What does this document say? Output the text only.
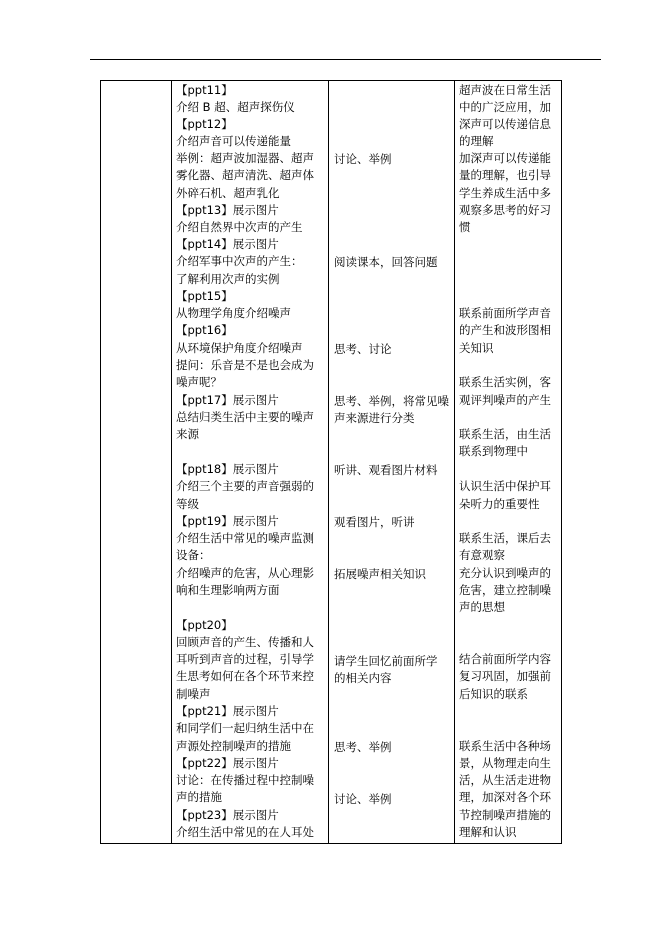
【ppt11】
介绍 B 超、超声探伤仪
【ppt12】
介绍声音可以传递能量
举例：超声波加湿器、超声
雾化器、超声清洗、超声体
外碎石机、超声乳化
【ppt13】展示图片
介绍自然界中次声的产生
【ppt14】展示图片
介绍军事中次声的产生：
了解利用次声的实例
【ppt15】
从物理学角度介绍噪声
【ppt16】
从环境保护角度介绍噪声
提问：乐音是不是也会成为
噪声呢？
【ppt17】展示图片
总结归类生活中主要的噪声
来源
【ppt18】展示图片
介绍三个主要的声音强弱的
等级
【ppt19】展示图片
介绍生活中常见的噪声监测
设备：
介绍噪声的危害，从心理影
响和生理影响两方面
【ppt20】
回顾声音的产生、传播和人
耳听到声音的过程，引导学
生思考如何在各个环节来控
制噪声
【ppt21】展示图片
和同学们一起归纳生活中在
声源处控制噪声的措施
【ppt22】展示图片
讨论：在传播过程中控制噪
声的措施
【ppt23】展示图片
介绍生活中常见的在人耳处
讨论、举例
阅读课本，回答问题
思考、讨论
思考、举例，将常见噪
声来源进行分类
听讲、观看图片材料
观看图片，听讲
拓展噪声相关知识
请学生回忆前面所学
的相关内容
思考、举例
讨论、举例
超声波在日常生活
中的广泛应用，加
深声可以传递信息
的理解
加深声可以传递能
量的理解，也引导
学生养成生活中多
观察多思考的好习
惯
联系前面所学声音
的产生和波形图相
关知识
联系生活实例，客
观评判噪声的产生
联系生活，由生活
联系到物理中
认识生活中保护耳
朵听力的重要性
联系生活，课后去
有意观察
充分认识到噪声的
危害，建立控制噪
声的思想
结合前面所学内容
复习巩固，加强前
后知识的联系
联系生活中各种场
景，从物理走向生
活，从生活走进物
理，加深对各个环
节控制噪声措施的
理解和认识
